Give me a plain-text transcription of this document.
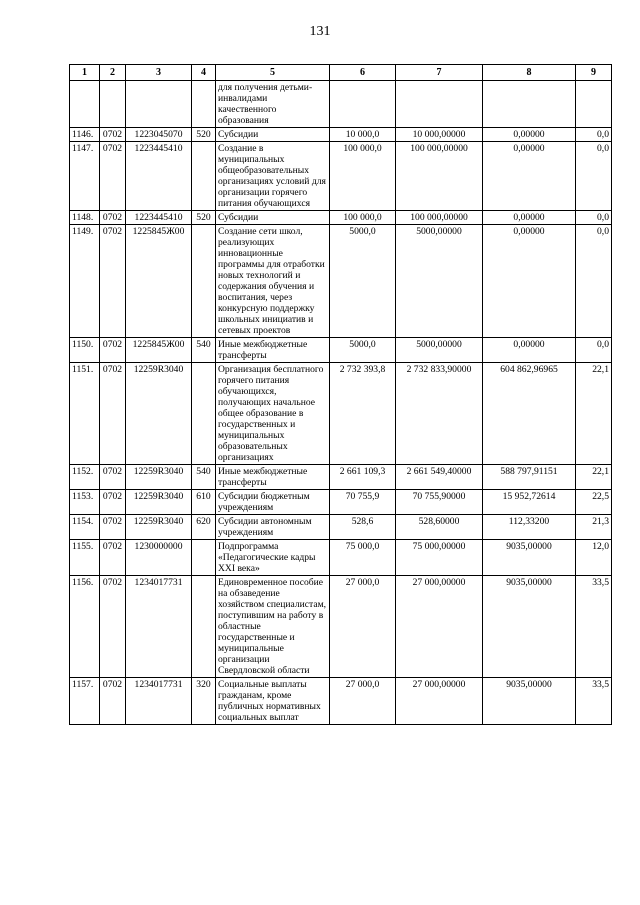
131
1	2	3	4	5	6	7	8	9
				для получения детьми-инвалидами качественного образования				
1146.	0702	1223045070	520	Субсидии	10 000,0	10 000,00000	0,00000	0,0
1147.	0702	1223445410		Создание в муниципальных общеобразовательных организациях условий для организации горячего питания обучающихся	100 000,0	100 000,00000	0,00000	0,0
1148.	0702	1223445410	520	Субсидии	100 000,0	100 000,00000	0,00000	0,0
1149.	0702	1225845Ж00		Создание сети школ, реализующих инновационные программы для отработки новых технологий и содержания обучения и воспитания, через конкурсную поддержку школьных инициатив и сетевых проектов	5000,0	5000,00000	0,00000	0,0
1150.	0702	1225845Ж00	540	Иные межбюджетные трансферты	5000,0	5000,00000	0,00000	0,0
1151.	0702	12259R3040		Организация бесплатного горячего питания обучающихся, получающих начальное общее образование в государственных и муниципальных образовательных организациях	2 732 393,8	2 732 833,90000	604 862,96965	22,1
1152.	0702	12259R3040	540	Иные межбюджетные трансферты	2 661 109,3	2 661 549,40000	588 797,91151	22,1
1153.	0702	12259R3040	610	Субсидии бюджетным учреждениям	70 755,9	70 755,90000	15 952,72614	22,5
1154.	0702	12259R3040	620	Субсидии автономным учреждениям	528,6	528,60000	112,33200	21,3
1155.	0702	1230000000		Подпрограмма «Педагогические кадры XXI века»	75 000,0	75 000,00000	9035,00000	12,0
1156.	0702	1234017731		Единовременное пособие на обзаведение хозяйством специалистам, поступившим на работу в областные государственные и муниципальные организации Свердловской области	27 000,0	27 000,00000	9035,00000	33,5
1157.	0702	1234017731	320	Социальные выплаты гражданам, кроме публичных нормативных социальных выплат	27 000,0	27 000,00000	9035,00000	33,5
